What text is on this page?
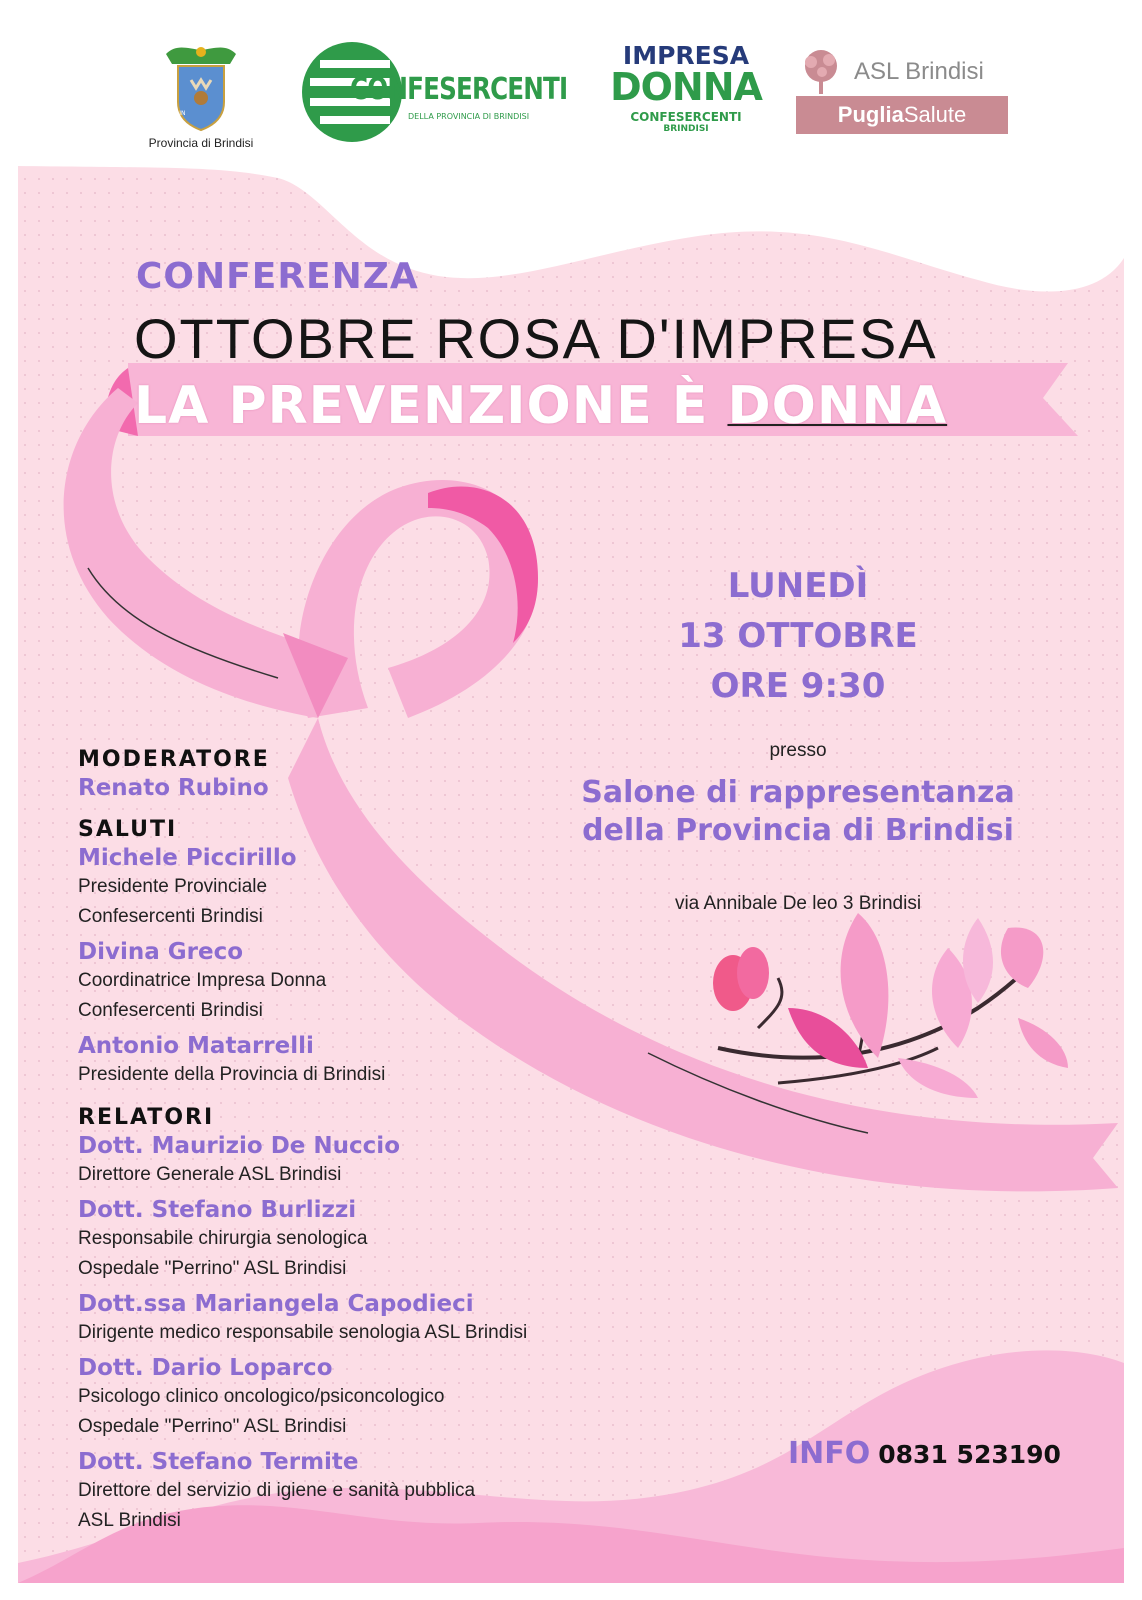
BRIN
Provincia di Brindisi
CONFESERCENTI
DELLA PROVINCIA DI BRINDISI
IMPRESA
DONNA
CONFESERCENTI
BRINDISI
ASL Brindisi
PugliaSalute
CONFERENZA
OTTOBRE ROSA D'IMPRESA
LA PREVENZIONE È DONNA
LUNEDÌ
13 OTTOBRE
ORE 9:30
presso
Salone di rappresentanza
della Provincia di Brindisi
via Annibale De leo 3 Brindisi
MODERATORE
Renato Rubino
SALUTI
Michele Piccirillo
Presidente Provinciale
Confesercenti Brindisi
Divina Greco
Coordinatrice Impresa Donna
Confesercenti Brindisi
Antonio Matarrelli
Presidente della Provincia di Brindisi
RELATORI
Dott. Maurizio De Nuccio
Direttore Generale ASL Brindisi
Dott. Stefano Burlizzi
Responsabile chirurgia senologica
Ospedale "Perrino" ASL Brindisi
Dott.ssa Mariangela Capodieci
Dirigente medico responsabile senologia ASL Brindisi
Dott. Dario Loparco
Psicologo clinico oncologico/psiconcologico
Ospedale "Perrino" ASL Brindisi
Dott. Stefano Termite
Direttore del servizio di igiene e sanità pubblica
ASL Brindisi
INFO 0831 523190
